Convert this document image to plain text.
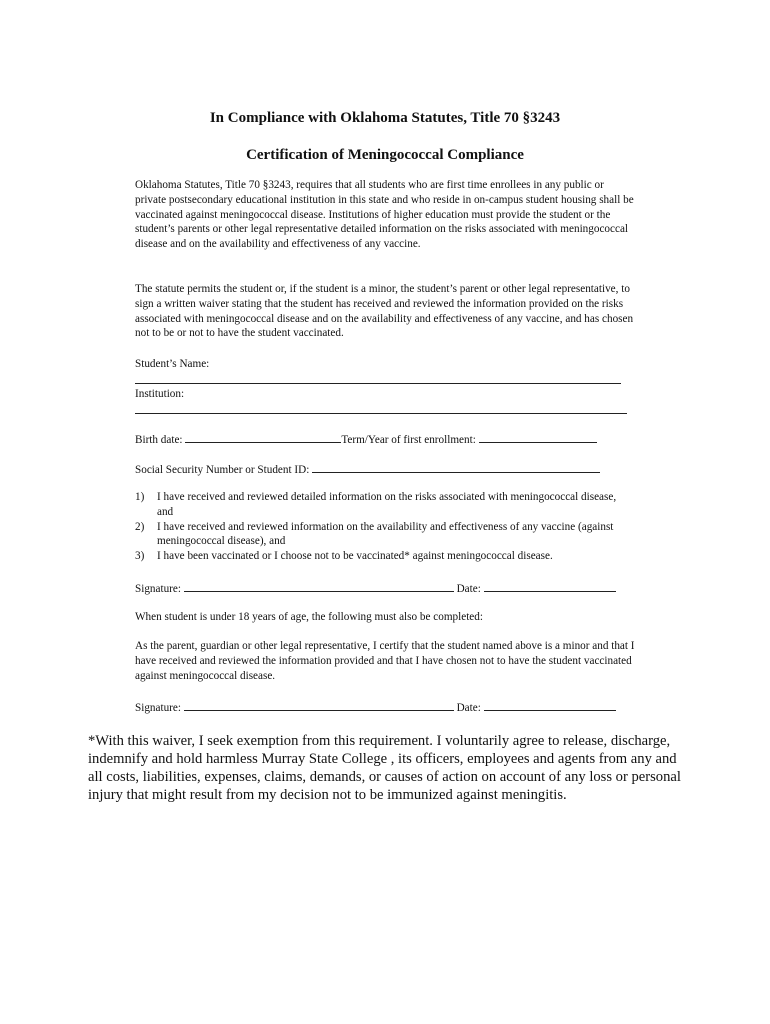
In Compliance with Oklahoma Statutes, Title 70 §3243
Certification of Meningococcal Compliance

Oklahoma Statutes, Title 70 §3243, requires that all students who are first time enrollees in any public or private postsecondary educational institution in this state and who reside in on-campus student housing shall be vaccinated against meningococcal disease. Institutions of higher education must provide the student or the student’s parents or other legal representative detailed information on the risks associated with meningococcal disease and on the availability and effectiveness of any vaccine.

The statute permits the student or, if the student is a minor, the student’s parent or other legal representative, to sign a written waiver stating that the student has received and reviewed the information provided on the risks associated with meningococcal disease and on the availability and effectiveness of any vaccine, and has chosen not to be or not to have the student vaccinated.

Student’s Name:
Institution:
Birth date:	Term/Year of first enrollment:
Social Security Number or Student ID:
1) I have received and reviewed detailed information on the risks associated with meningococcal disease, and
2) I have received and reviewed information on the availability and effectiveness of any vaccine (against meningococcal disease), and
3) I have been vaccinated or I choose not to be vaccinated* against meningococcal disease.
Signature:	Date:
When student is under 18 years of age, the following must also be completed:

As the parent, guardian or other legal representative, I certify that the student named above is a minor and that I have received and reviewed the information provided and that I have chosen not to have the student vaccinated against meningococcal disease.

Signature:	Date:
*With this waiver, I seek exemption from this requirement. I voluntarily agree to release, discharge, indemnify and hold harmless Murray State College , its officers, employees and agents from any and all costs, liabilities, expenses, claims, demands, or causes of action on account of any loss or personal injury that might result from my decision not to be immunized against meningitis.
